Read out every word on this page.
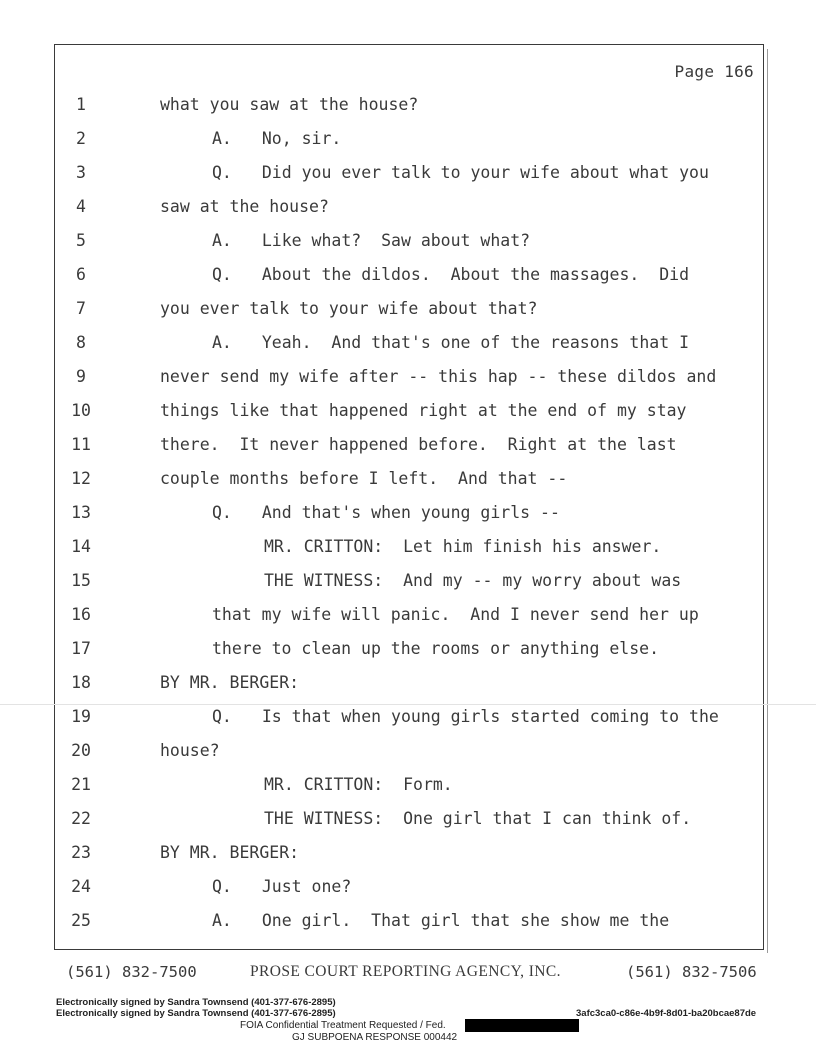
Page 166
1	what you saw at the house?
2	A. No, sir.
3	Q. Did you ever talk to your wife about what you
4	saw at the house?
5	A. Like what?  Saw about what?
6	Q. About the dildos.  About the massages.  Did
7	you ever talk to your wife about that?
8	A. Yeah.  And that's one of the reasons that I
9	never send my wife after -- this hap -- these dildos and
10	things like that happened right at the end of my stay
11	there.  It never happened before.  Right at the last
12	couple months before I left.  And that --
13	Q. And that's when young girls --
14	MR. CRITTON:  Let him finish his answer.
15	THE WITNESS:  And my -- my worry about was
16	that my wife will panic.  And I never send her up
17	there to clean up the rooms or anything else.
18	BY MR. BERGER:
19	Q. Is that when young girls started coming to the
20	house?
21	MR. CRITTON:  Form.
22	THE WITNESS:  One girl that I can think of.
23	BY MR. BERGER:
24	Q. Just one?
25	A. One girl.  That girl that she show me the
(561) 832-7500	PROSE COURT REPORTING AGENCY, INC.	(561) 832-7506
Electronically signed by Sandra Townsend (401-377-676-2895)
Electronically signed by Sandra Townsend (401-377-676-2895)	3afc3ca0-c86e-4b9f-8d01-ba20bcae87de
FOIA Confidential Treatment Requested / Fed.
GJ SUBPOENA RESPONSE 000442
